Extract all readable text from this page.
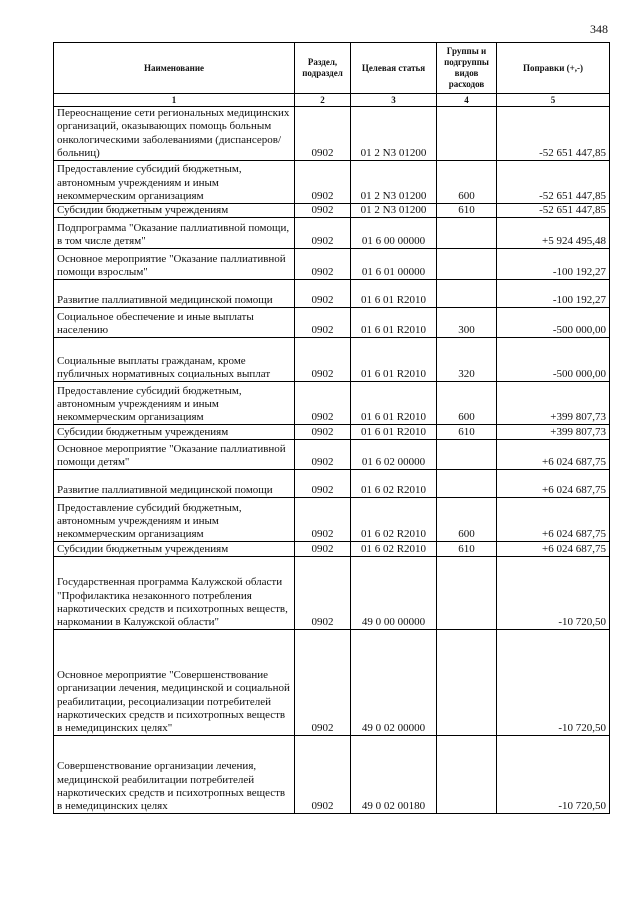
348
Наименование	Раздел, подраздел	Целевая статья	Группы и подгруппы видов расходов	Поправки (+,-)
1	2	3	4	5
Переоснащение сети региональных медицинских организаций, оказывающих помощь больным онкологическими заболеваниями (диспансеров/больниц)	0902	01 2 N3 01200		-52 651 447,85
Предоставление субсидий бюджетным, автономным учреждениям и иным некоммерческим организациям	0902	01 2 N3 01200	600	-52 651 447,85
Субсидии бюджетным учреждениям	0902	01 2 N3 01200	610	-52 651 447,85
Подпрограмма "Оказание паллиативной помощи, в том числе детям"	0902	01 6 00 00000		+5 924 495,48
Основное мероприятие "Оказание паллиативной помощи взрослым"	0902	01 6 01 00000		-100 192,27
Развитие паллиативной медицинской помощи	0902	01 6 01 R2010		-100 192,27
Социальное обеспечение и иные выплаты населению	0902	01 6 01 R2010	300	-500 000,00
Социальные выплаты гражданам, кроме публичных нормативных социальных выплат	0902	01 6 01 R2010	320	-500 000,00
Предоставление субсидий бюджетным, автономным учреждениям и иным некоммерческим организациям	0902	01 6 01 R2010	600	+399 807,73
Субсидии бюджетным учреждениям	0902	01 6 01 R2010	610	+399 807,73
Основное мероприятие "Оказание паллиативной помощи детям"	0902	01 6 02 00000		+6 024 687,75
Развитие паллиативной медицинской помощи	0902	01 6 02 R2010		+6 024 687,75
Предоставление субсидий бюджетным, автономным учреждениям и иным некоммерческим организациям	0902	01 6 02 R2010	600	+6 024 687,75
Субсидии бюджетным учреждениям	0902	01 6 02 R2010	610	+6 024 687,75
Государственная программа Калужской области "Профилактика незаконного потребления наркотических средств и психотропных веществ, наркомании в Калужской области"	0902	49 0 00 00000		-10 720,50
Основное мероприятие "Совершенствование организации лечения, медицинской и социальной реабилитации, ресоциализации потребителей наркотических средств и психотропных веществ в немедицинских целях"	0902	49 0 02 00000		-10 720,50
Совершенствование организации лечения, медицинской реабилитации потребителей наркотических средств и психотропных веществ в немедицинских целях	0902	49 0 02 00180		-10 720,50
